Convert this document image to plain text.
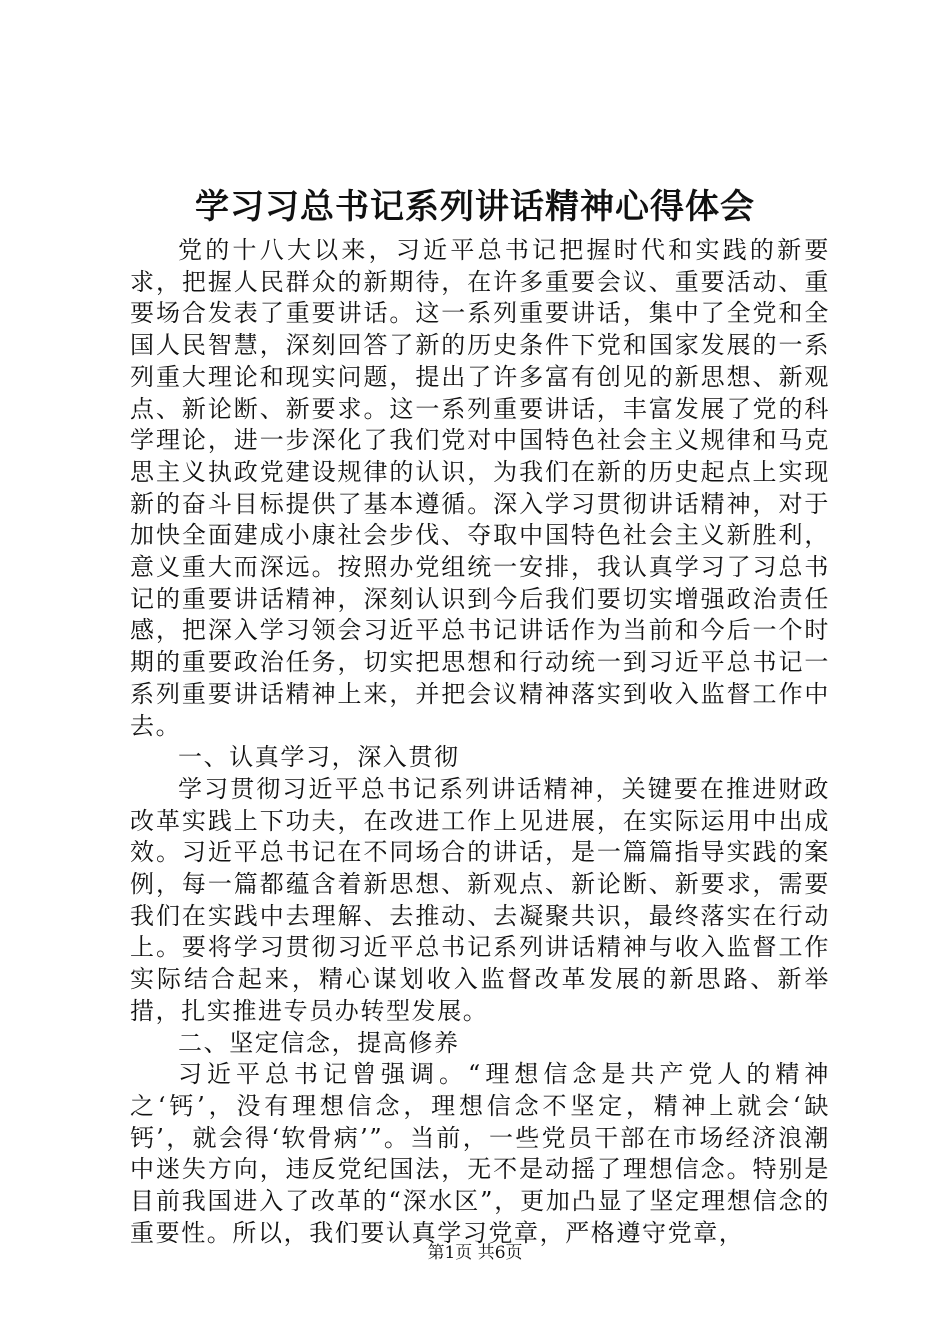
学习习总书记系列讲话精神心得体会

党的十八大以来，习近平总书记把握时代和实践的新要求，把握人民群众的新期待，在许多重要会议、重要活动、重要场合发表了重要讲话。这一系列重要讲话，集中了全党和全国人民智慧，深刻回答了新的历史条件下党和国家发展的一系列重大理论和现实问题，提出了许多富有创见的新思想、新观点、新论断、新要求。这一系列重要讲话，丰富发展了党的科学理论，进一步深化了我们党对中国特色社会主义规律和马克思主义执政党建设规律的认识，为我们在新的历史起点上实现新的奋斗目标提供了基本遵循。深入学习贯彻讲话精神，对于加快全面建成小康社会步伐、夺取中国特色社会主义新胜利，意义重大而深远。按照办党组统一安排，我认真学习了习总书记的重要讲话精神，深刻认识到今后我们要切实增强政治责任感，把深入学习领会习近平总书记讲话作为当前和今后一个时期的重要政治任务，切实把思想和行动统一到习近平总书记一系列重要讲话精神上来，并把会议精神落实到收入监督工作中去。

一、认真学习，深入贯彻

学习贯彻习近平总书记系列讲话精神，关键要在推进财政改革实践上下功夫，在改进工作上见进展，在实际运用中出成效。习近平总书记在不同场合的讲话，是一篇篇指导实践的案例，每一篇都蕴含着新思想、新观点、新论断、新要求，需要我们在实践中去理解、去推动、去凝聚共识，最终落实在行动上。要将学习贯彻习近平总书记系列讲话精神与收入监督工作实际结合起来，精心谋划收入监督改革发展的新思路、新举措，扎实推进专员办转型发展。

二、坚定信念，提高修养

习近平总书记曾强调。“理想信念是共产党人的精神之‘钙’，没有理想信念，理想信念不坚定，精神上就会‘缺钙’，就会得‘软骨病’”。当前，一些党员干部在市场经济浪潮中迷失方向，违反党纪国法，无不是动摇了理想信念。特别是目前我国进入了改革的“深水区”，更加凸显了坚定理想信念的重要性。所以，我们要认真学习党章，严格遵守党章，

第1页 共6页
